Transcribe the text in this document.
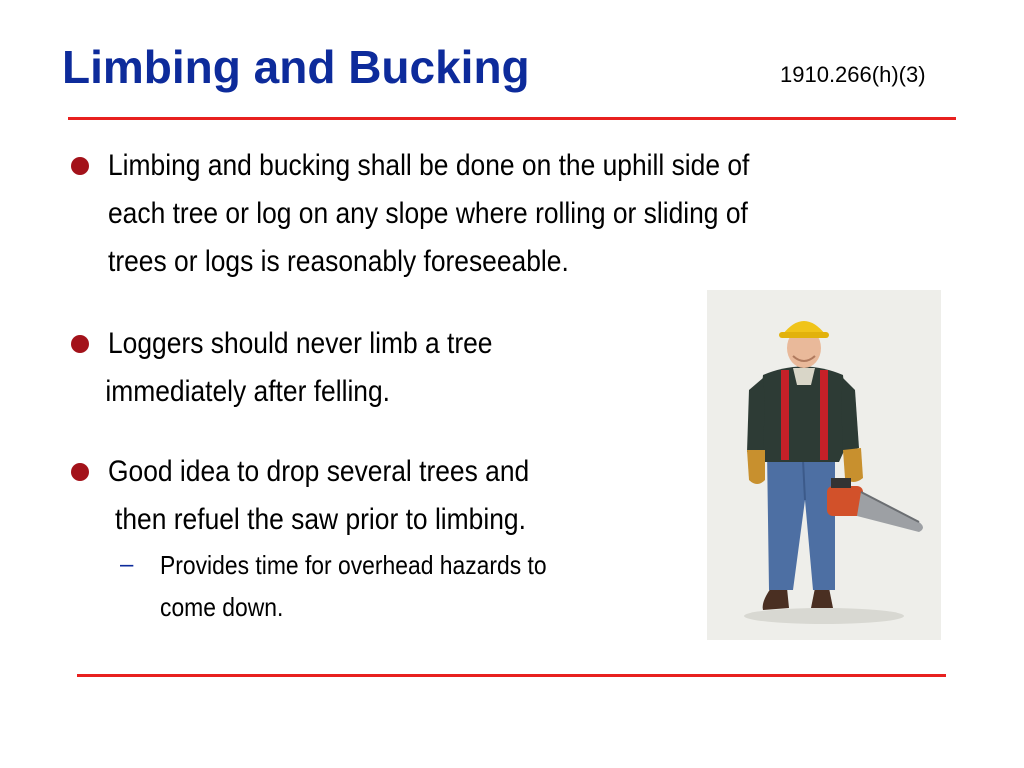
Limbing and Bucking	1910.266(h)(3)
Limbing and bucking shall be done on the uphill side of
each tree or log on any slope where rolling or sliding of
trees or logs is reasonably foreseeable.
Loggers should never limb a tree
immediately after felling.
Good idea to drop several trees and
then refuel the saw prior to limbing.
– Provides time for overhead hazards to
come down.
